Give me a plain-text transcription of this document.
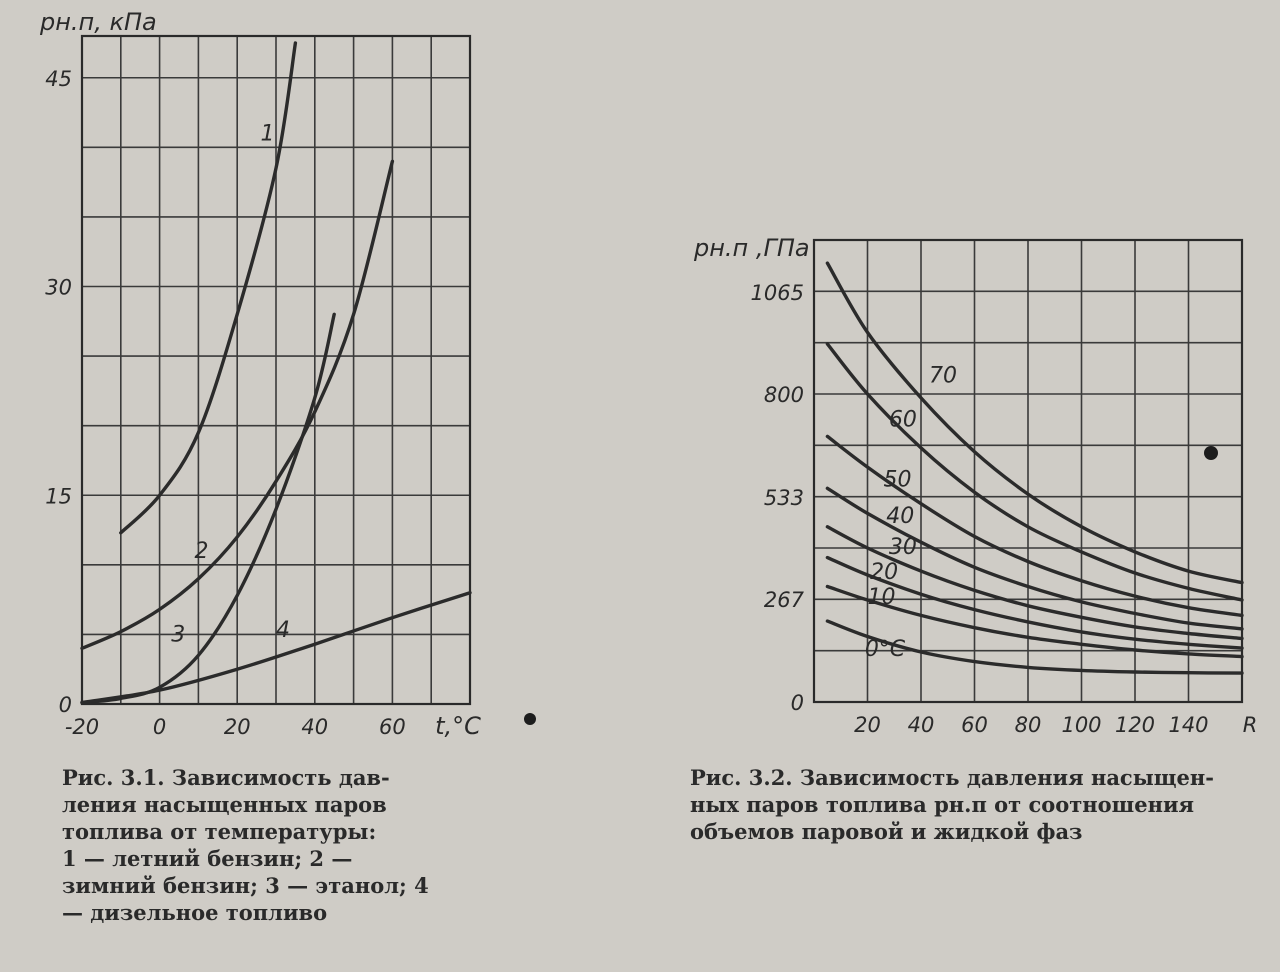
-20	0	20 40 60
0
15
30
45
pн.п, кПа
t,°C
1
2
3	4
20 40 60 80 100 120 140 R
0
267
533
800
1065
pн.п ,ГПа
70
60
50
40
30
20
10
0°C

Рис. 3.1. Зависимость дав-

ления насыщенных паров

топлива от температуры:

1 — летний бензин; 2 —

зимний бензин; 3 — этанол; 4

— дизельное топливо

Рис. 3.2. Зависимость давления насыщен-

ных паров топлива pн.п от соотношения

объемов паровой и жидкой фаз
